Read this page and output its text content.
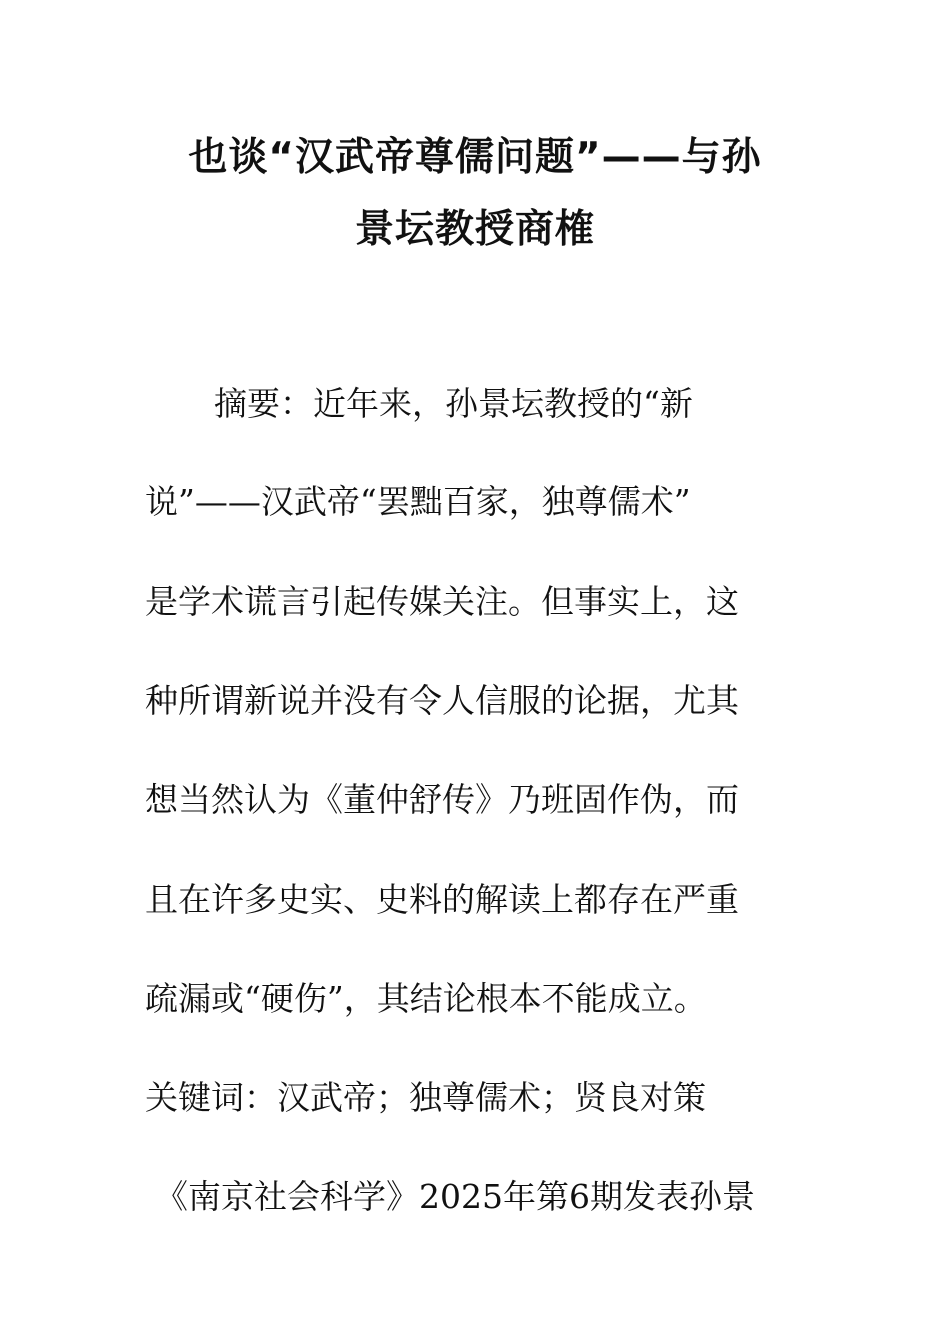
也谈“汉武帝尊儒问题”——与孙
景坛教授商榷
摘要：近年来，孙景坛教授的“新
说”——汉武帝“罢黜百家，独尊儒术”
是学术谎言引起传媒关注。但事实上，这
种所谓新说并没有令人信服的论据，尤其
想当然认为《董仲舒传》乃班固作伪，而
且在许多史实、史料的解读上都存在严重
疏漏或“硬伤”，其结论根本不能成立。
关键词：汉武帝；独尊儒术；贤良对策
《南京社会科学》2025年第6期发表孙景
